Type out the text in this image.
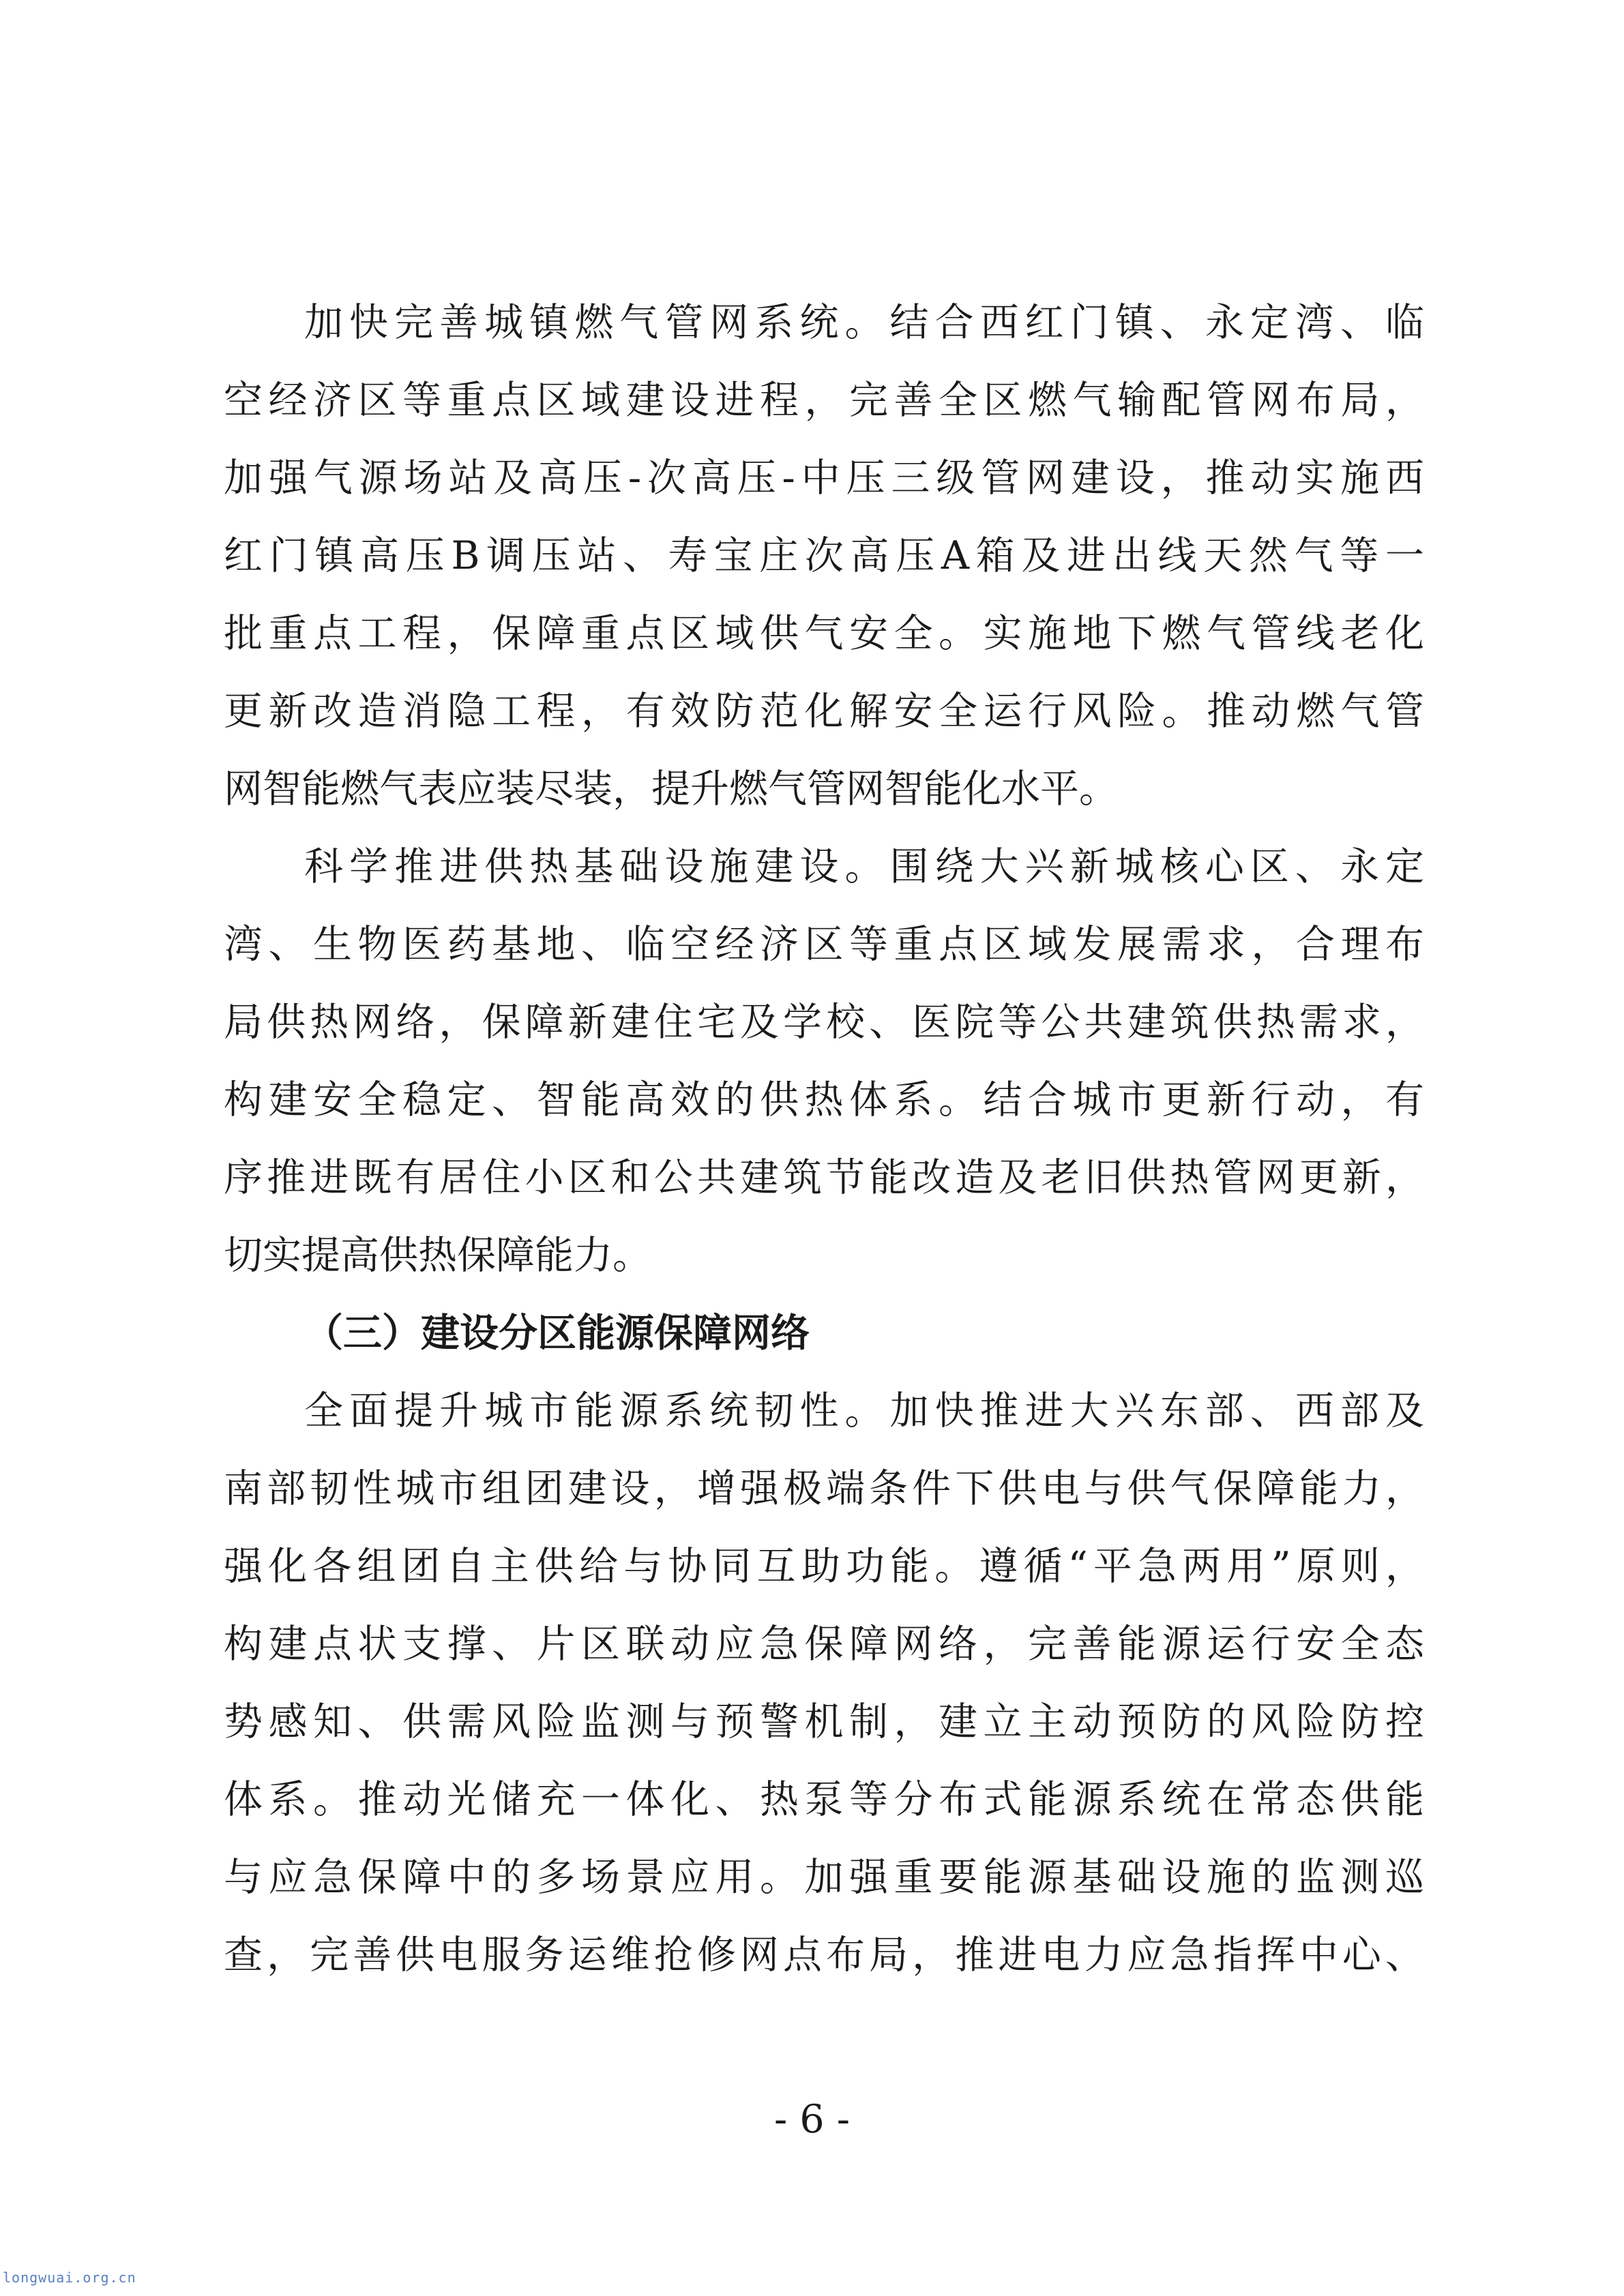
加快完善城镇燃气管网系统。结合西红门镇、永定湾、临
空经济区等重点区域建设进程，完善全区燃气输配管网布局，
加强气源场站及高压-次高压-中压三级管网建设，推动实施西
红门镇高压B调压站、寿宝庄次高压A箱及进出线天然气等一
批重点工程，保障重点区域供气安全。实施地下燃气管线老化
更新改造消隐工程，有效防范化解安全运行风险。推动燃气管
网智能燃气表应装尽装，提升燃气管网智能化水平。
科学推进供热基础设施建设。围绕大兴新城核心区、永定
湾、生物医药基地、临空经济区等重点区域发展需求，合理布
局供热网络，保障新建住宅及学校、医院等公共建筑供热需求，
构建安全稳定、智能高效的供热体系。结合城市更新行动，有
序推进既有居住小区和公共建筑节能改造及老旧供热管网更新，
切实提高供热保障能力。
（三）建设分区能源保障网络
全面提升城市能源系统韧性。加快推进大兴东部、西部及
南部韧性城市组团建设，增强极端条件下供电与供气保障能力，
强化各组团自主供给与协同互助功能。遵循“平急两用”原则，
构建点状支撑、片区联动应急保障网络，完善能源运行安全态
势感知、供需风险监测与预警机制，建立主动预防的风险防控
体系。推动光储充一体化、热泵等分布式能源系统在常态供能
与应急保障中的多场景应用。加强重要能源基础设施的监测巡
查，完善供电服务运维抢修网点布局，推进电力应急指挥中心、
- 6 -
longwuai.org.cn
